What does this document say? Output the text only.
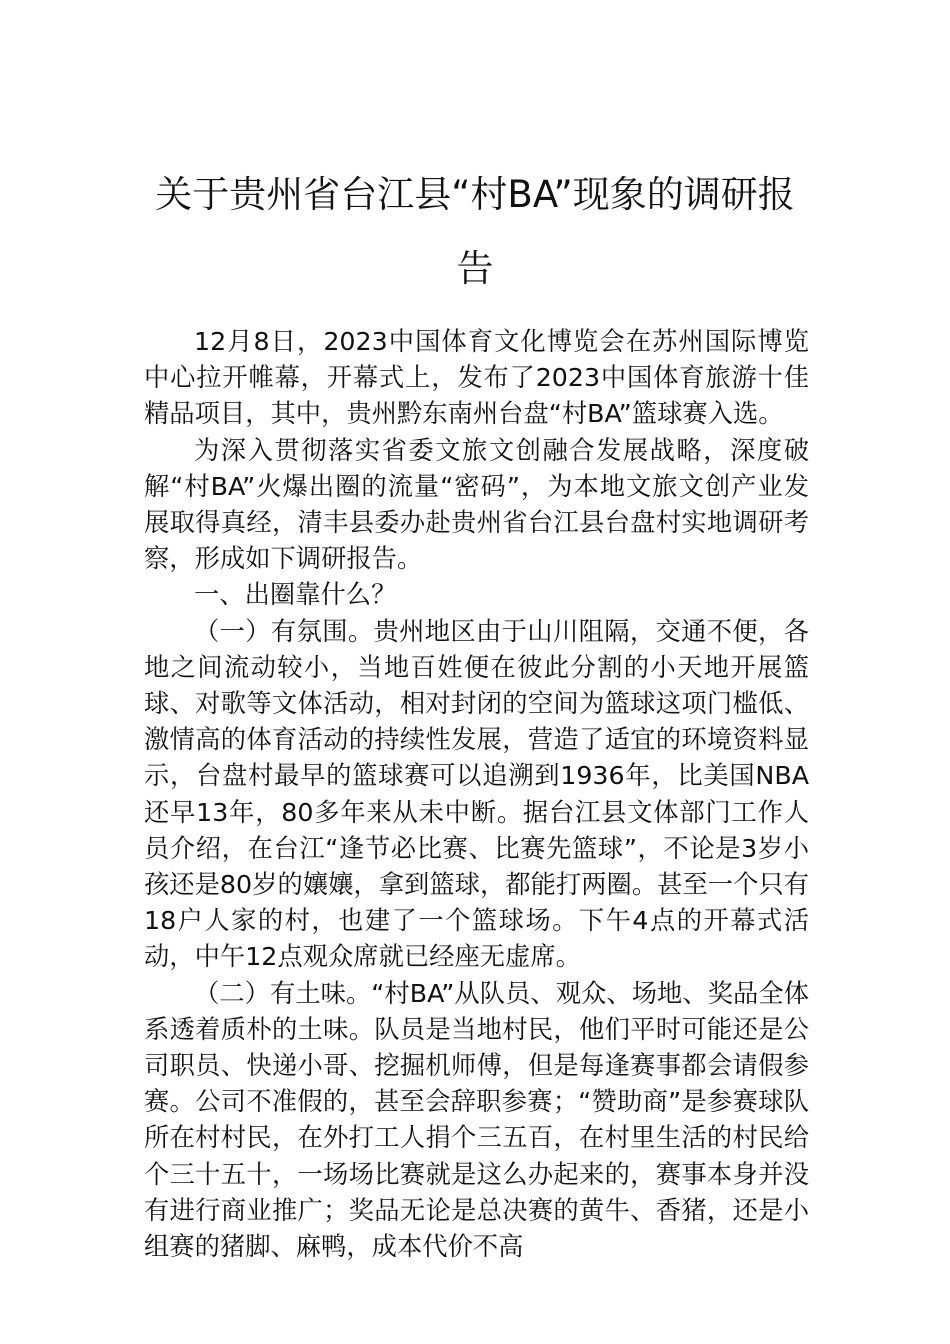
关于贵州省台江县“村BA”现象的调研报告

12月8日，2023中国体育文化博览会在苏州国际博览中心拉开帷幕，开幕式上，发布了2023中国体育旅游十佳精品项目，其中，贵州黔东南州台盘“村BA”篮球赛入选。

为深入贯彻落实省委文旅文创融合发展战略，深度破解“村BA”火爆出圈的流量“密码”，为本地文旅文创产业发展取得真经，清丰县委办赴贵州省台江县台盘村实地调研考察，形成如下调研报告。

一、出圈靠什么？

（一）有氛围。贵州地区由于山川阻隔，交通不便，各地之间流动较小，当地百姓便在彼此分割的小天地开展篮球、对歌等文体活动，相对封闭的空间为篮球这项门槛低、激情高的体育活动的持续性发展，营造了适宜的环境资料显示，台盘村最早的篮球赛可以追溯到1936年，比美国NBA还早13年，80多年来从未中断。据台江县文体部门工作人员介绍，在台江“逢节必比赛、比赛先篮球”，不论是3岁小孩还是80岁的孃孃，拿到篮球，都能打两圈。甚至一个只有18户人家的村，也建了一个篮球场。下午4点的开幕式活动，中午12点观众席就已经座无虚席。

（二）有土味。“村BA”从队员、观众、场地、奖品全体系透着质朴的土味。队员是当地村民，他们平时可能还是公司职员、快递小哥、挖掘机师傅，但是每逢赛事都会请假参赛。公司不准假的，甚至会辞职参赛；“赞助商”是参赛球队所在村村民，在外打工人捐个三五百，在村里生活的村民给个三十五十，一场场比赛就是这么办起来的，赛事本身并没有进行商业推广；奖品无论是总决赛的黄牛、香猪，还是小组赛的猪脚、麻鸭，成本代价不高
